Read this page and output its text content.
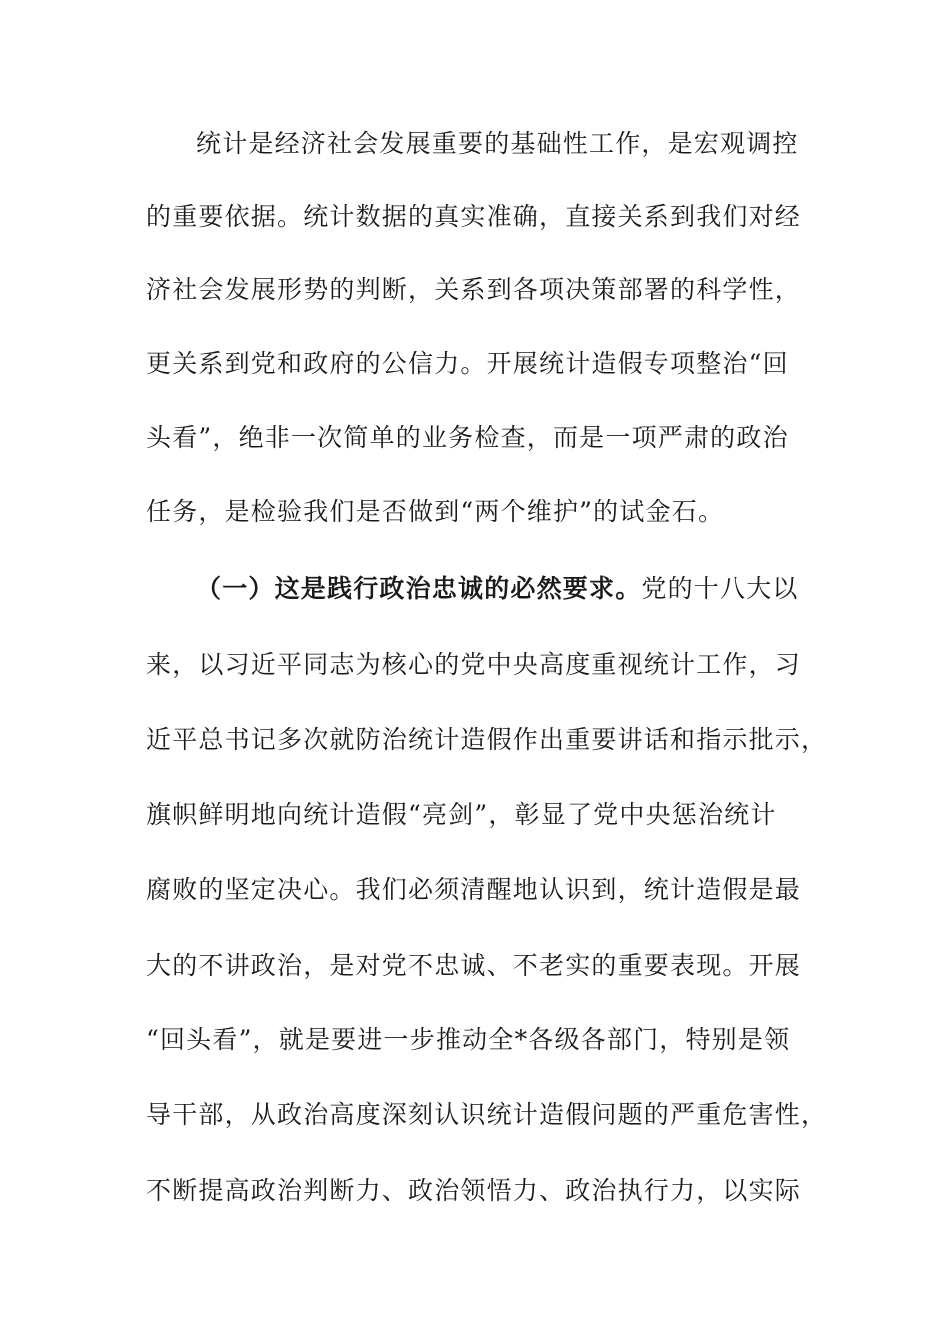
统计是经济社会发展重要的基础性工作，是宏观调控
的重要依据。统计数据的真实准确，直接关系到我们对经
济社会发展形势的判断，关系到各项决策部署的科学性，
更关系到党和政府的公信力。开展统计造假专项整治“回
头看”，绝非一次简单的业务检查，而是一项严肃的政治
任务，是检验我们是否做到“两个维护”的试金石。
（一）这是践行政治忠诚的必然要求。党的十八大以
来，以习近平同志为核心的党中央高度重视统计工作，习
近平总书记多次就防治统计造假作出重要讲话和指示批示，
旗帜鲜明地向统计造假“亮剑”，彰显了党中央惩治统计
腐败的坚定决心。我们必须清醒地认识到，统计造假是最
大的不讲政治，是对党不忠诚、不老实的重要表现。开展
“回头看”，就是要进一步推动全*各级各部门，特别是领
导干部，从政治高度深刻认识统计造假问题的严重危害性，
不断提高政治判断力、政治领悟力、政治执行力，以实际
